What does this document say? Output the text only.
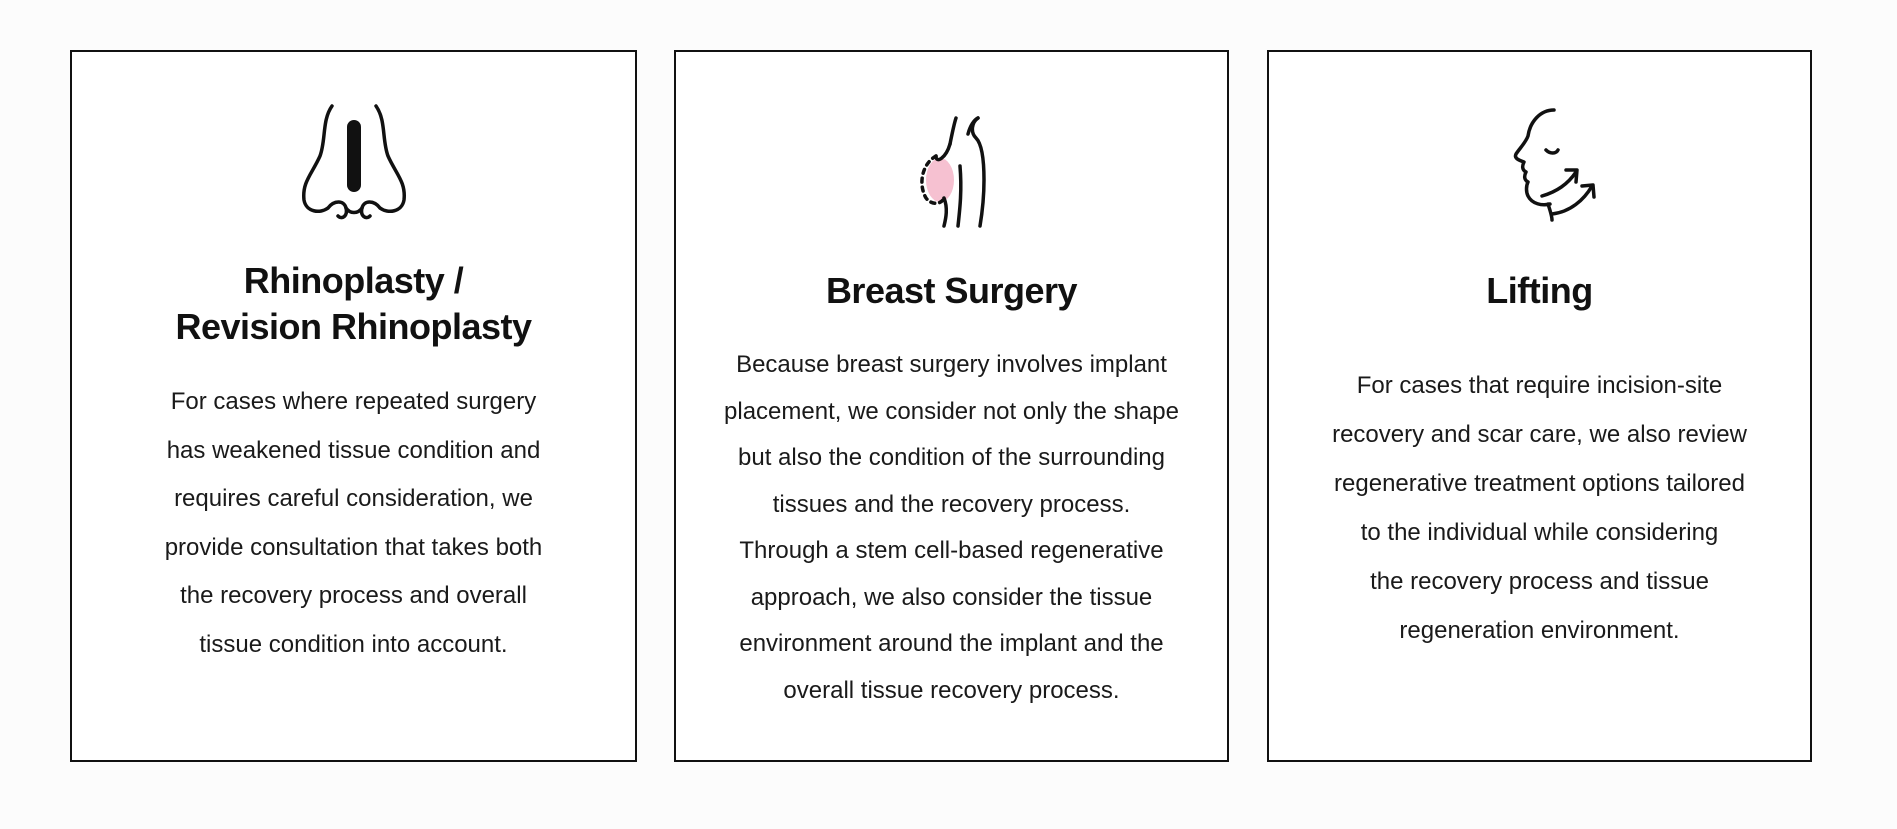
Rhinoplasty /
Revision Rhinoplasty
For cases where repeated surgery
has weakened tissue condition and
requires careful consideration, we
provide consultation that takes both
the recovery process and overall
tissue condition into account.
Breast Surgery
Because breast surgery involves implant
placement, we consider not only the shape
but also the condition of the surrounding
tissues and the recovery process.
Through a stem cell-based regenerative
approach, we also consider the tissue
environment around the implant and the
overall tissue recovery process.
Lifting
For cases that require incision-site
recovery and scar care, we also review
regenerative treatment options tailored
to the individual while considering
the recovery process and tissue
regeneration environment.
